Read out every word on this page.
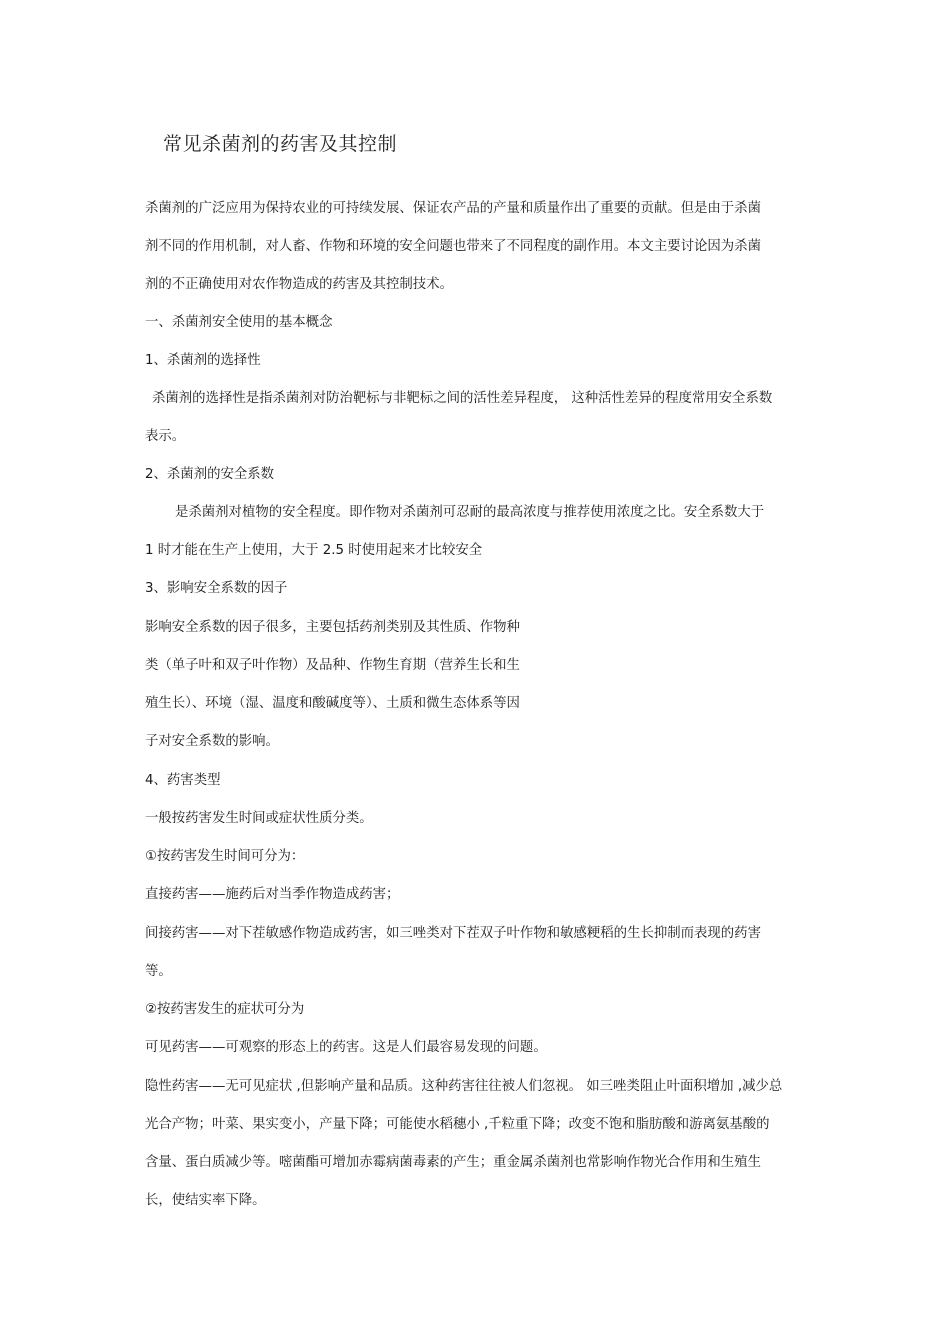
常见杀菌剂的药害及其控制
杀菌剂的广泛应用为保持农业的可持续发展、保证农产品的产量和质量作出了重要的贡献。但是由于杀菌
剂不同的作用机制，对人畜、作物和环境的安全问题也带来了不同程度的副作用。本文主要讨论因为杀菌
剂的不正确使用对农作物造成的药害及其控制技术。
一、杀菌剂安全使用的基本概念
1、杀菌剂的选择性
杀菌剂的选择性是指杀菌剂对防治靶标与非靶标之间的活性差异程度， 这种活性差异的程度常用安全系数
表示。
2、杀菌剂的安全系数
是杀菌剂对植物的安全程度。即作物对杀菌剂可忍耐的最高浓度与推荐使用浓度之比。安全系数大于
1 时才能在生产上使用，大于 2.5 时使用起来才比较安全
3、影响安全系数的因子
影响安全系数的因子很多，主要包括药剂类别及其性质、作物种
类（单子叶和双子叶作物）及品种、作物生育期（营养生长和生
殖生长）、环境（湿、温度和酸碱度等）、土质和微生态体系等因
子对安全系数的影响。
4、药害类型
一般按药害发生时间或症状性质分类。
①按药害发生时间可分为：
直接药害——施药后对当季作物造成药害；
间接药害——对下茬敏感作物造成药害，如三唑类对下茬双子叶作物和敏感粳稻的生长抑制而表现的药害
等。
②按药害发生的症状可分为
可见药害——可观察的形态上的药害。这是人们最容易发现的问题。
隐性药害——无可见症状 ,但影响产量和品质。这种药害往往被人们忽视。 如三唑类阻止叶面积增加 ,减少总
光合产物；叶菜、果实变小，产量下降；可能使水稻穗小 ,千粒重下降；改变不饱和脂肪酸和游离氨基酸的
含量、蛋白质减少等。嘧菌酯可增加赤霉病菌毒素的产生；重金属杀菌剂也常影响作物光合作用和生殖生
长，使结实率下降。
